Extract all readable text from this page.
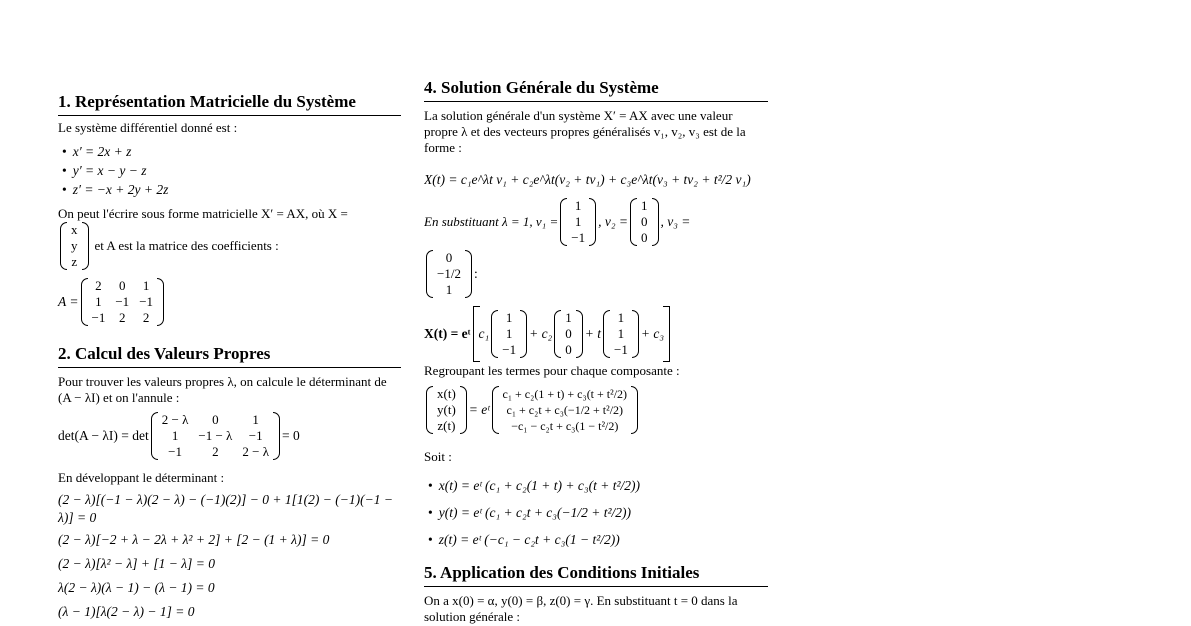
1. Représentation Matricielle du Système
Le système différentiel donné est :
• x′ = 2x + z
• y′ = x − y − z
• z′ = −x + 2y + 2z
On peut l'écrire sous forme matricielle X′ = AX, où X =
x
y
z
et A est la matrice des coefficients :
A =
2	0	1
1	−1	−1
−1	2	2
2. Calcul des Valeurs Propres
Pour trouver les valeurs propres λ, on calcule le déterminant de (A − λI) et on l'annule :
det(A − λI) = det
2 − λ	0	1
1	−1 − λ	−1
−1	2	2 − λ
= 0
En développant le déterminant :
(2 − λ)[(−1 − λ)(2 − λ) − (−1)(2)] − 0 + 1[1(2) − (−1)(−1 − λ)] = 0
(2 − λ)[−2 + λ − 2λ + λ² + 2] + [2 − (1 + λ)] = 0
(2 − λ)[λ² − λ] + [1 − λ] = 0
λ(2 − λ)(λ − 1) − (λ − 1) = 0
(λ − 1)[λ(2 − λ) − 1] = 0
4. Solution Générale du Système
La solution générale d'un système X′ = AX avec une valeur propre λ et des vecteurs propres généralisés v₁, v₂, v₃ est de la forme :
X(t) = c₁e^λt v₁ + c₂e^λt(v₂ + tv₁) + c₃e^λt(v₃ + tv₂ + t²/2 v₁)
En substituant λ = 1, v₁ =
1
1
−1
, v₂ =
1
0
0
, v₃ =
0
−1/2
1
:
X(t) = eᵗ c₁
1
1
−1
+ c₂
1
0
0
+ t
1
1
−1
+ c₃
Regroupant les termes pour chaque composante :
x(t)
y(t)
z(t)
= eᵗ
c₁ + c₂(1 + t) + c₃(t + t²/2)
c₁ + c₂t + c₃(−1/2 + t²/2)
−c₁ − c₂t + c₃(1 − t²/2)
Soit :
• x(t) = eᵗ (c₁ + c₂(1 + t) + c₃(t + t²/2))
• y(t) = eᵗ (c₁ + c₂t + c₃(−1/2 + t²/2))
• z(t) = eᵗ (−c₁ − c₂t + c₃(1 − t²/2))
5. Application des Conditions Initiales
On a x(0) = α, y(0) = β, z(0) = γ. En substituant t = 0 dans la solution générale :
